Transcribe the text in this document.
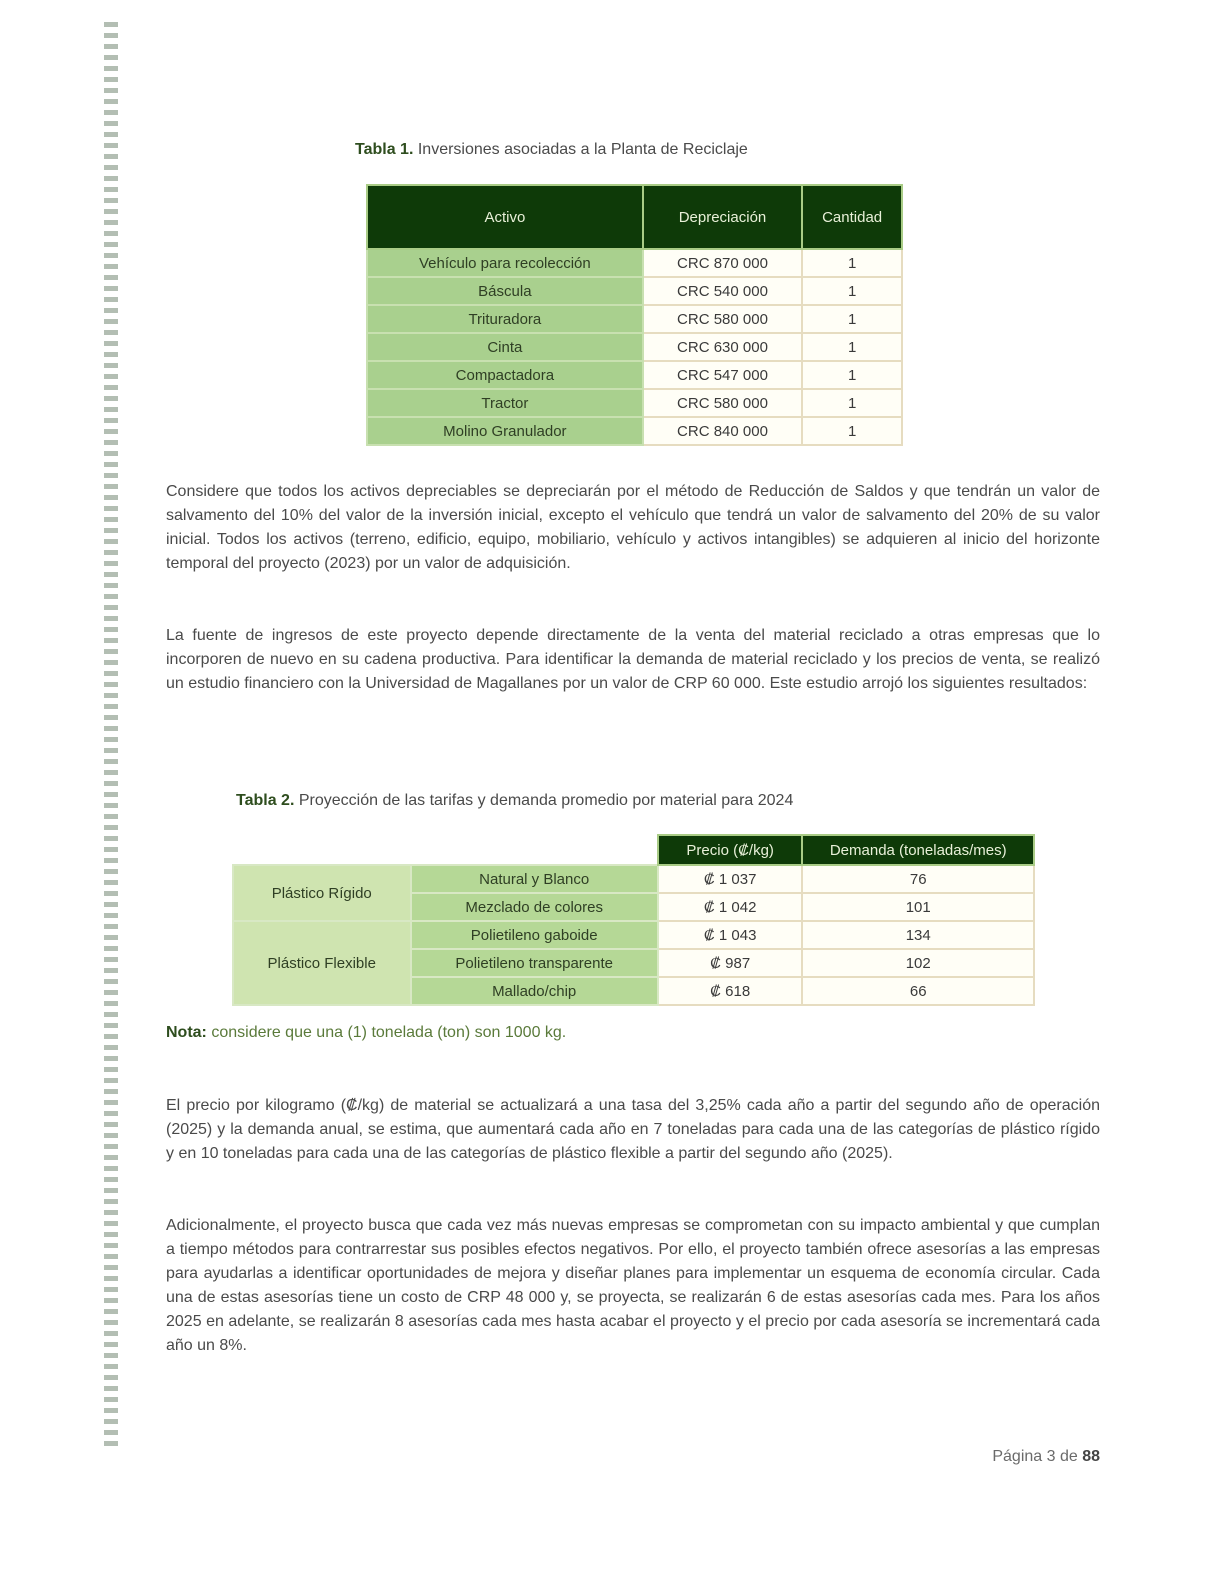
Tabla 1. Inversiones asociadas a la Planta de Reciclaje
Activo	Depreciación	Cantidad
Vehículo para recolección	CRC 870 000	1
Báscula	CRC 540 000	1
Trituradora	CRC 580 000	1
Cinta	CRC 630 000	1
Compactadora	CRC 547 000	1
Tractor	CRC 580 000	1
Molino Granulador	CRC 840 000	1

Considere que todos los activos depreciables se depreciarán por el método de Reducción de Saldos y que tendrán un valor de salvamento del 10% del valor de la inversión inicial, excepto el vehículo que tendrá un valor de salvamento del 20% de su valor inicial. Todos los activos (terreno, edificio, equipo, mobiliario, vehículo y activos intangibles) se adquieren al inicio del horizonte temporal del proyecto (2023) por un valor de adquisición.

La fuente de ingresos de este proyecto depende directamente de la venta del material reciclado a otras empresas que lo incorporen de nuevo en su cadena productiva. Para identificar la demanda de material reciclado y los precios de venta, se realizó un estudio financiero con la Universidad de Magallanes por un valor de CRP 60 000. Este estudio arrojó los siguientes resultados:

Tabla 2. Proyección de las tarifas y demanda promedio por material para 2024
		Precio (₡/kg)	Demanda (toneladas/mes)
Plástico Rígido	Natural y Blanco	₡ 1 037	76
	Mezclado de colores	₡ 1 042	101
Plástico Flexible	Polietileno gaboide	₡ 1 043	134
	Polietileno transparente	₡ 987	102
	Mallado/chip	₡ 618	66
Nota: considere que una (1) tonelada (ton) son 1000 kg.

El precio por kilogramo (₡/kg) de material se actualizará a una tasa del 3,25% cada año a partir del segundo año de operación (2025) y la demanda anual, se estima, que aumentará cada año en 7 toneladas para cada una de las categorías de plástico rígido y en 10 toneladas para cada una de las categorías de plástico flexible a partir del segundo año (2025).

Adicionalmente, el proyecto busca que cada vez más nuevas empresas se comprometan con su impacto ambiental y que cumplan a tiempo métodos para contrarrestar sus posibles efectos negativos. Por ello, el proyecto también ofrece asesorías a las empresas para ayudarlas a identificar oportunidades de mejora y diseñar planes para implementar un esquema de economía circular. Cada una de estas asesorías tiene un costo de CRP 48 000 y, se proyecta, se realizarán 6 de estas asesorías cada mes. Para los años 2025 en adelante, se realizarán 8 asesorías cada mes hasta acabar el proyecto y el precio por cada asesoría se incrementará cada año un 8%.

Página 3 de 88
